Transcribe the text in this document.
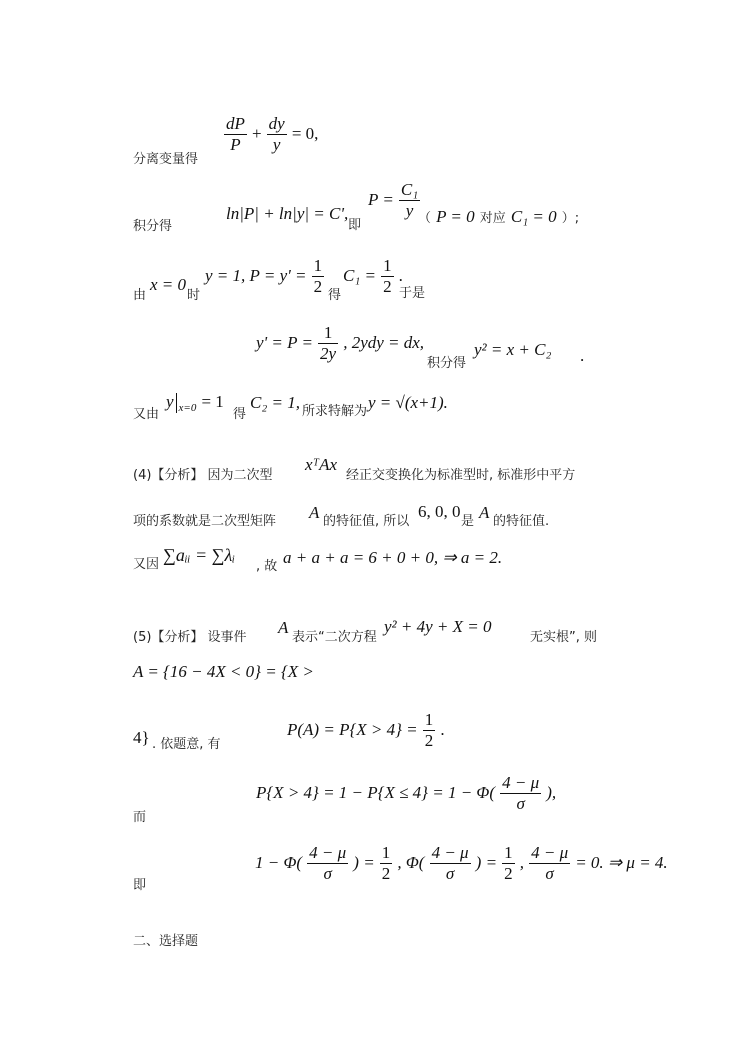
分离变量得
$\frac{dP}{P} + \frac{dy}{y} = 0$,
积分得
ln|P| + ln|y| = C',
即
$P = \frac{\text{C₁}}{y}$
（ P = 0 对应 C₁ = 0 ）;
由
x = 0
时
y = 1, $P = y' = \frac{1}{2}$ 得
$C_1 = \frac{1}{2}$ .
于是
$y' = P = \frac{1}{2y}$ , 2ydy = dx,
积分得
y² = x + C₂ .
又由
y $_{x=0}$ = 1
得
C₂ = 1, 所求特解为 y = √(x+1).
(4)【分析】 因为二次型
xᵀAx
经正交变换化为标准型时, 标准形中平方
项的系数就是二次型矩阵 A 的特征值, 所以
6, 0, 0
是 A 的特征值.
又因 ∑aᵢᵢ = ∑λᵢ
, 故 a + a + a = 6 + 0 + 0, ⇒ a = 2.
(5)【分析】 设事件
A
表示“二次方程
y² + 4y + X = 0
无实根”, 则
A = {16 − 4X < 0} = {X >
4} . 依题意, 有
$P(A) = P\{X > 4\} = \frac{1}{2}$ .
而
$P\{X > 4\} = 1 - P\{X \le 4\} = 1 - \Phi( \frac{4 - \mu}{\sigma}$ ),
即
$1 - \Phi( \frac{4 - \mu}{\sigma}$ ) = $\frac{1}{2}$ , $\Phi( \frac{4 - \mu}{\sigma}$ ) = $\frac{1}{2}$ , $\frac{4 - \mu}{\sigma} = 0$. ⇒ μ = 4.
二、选择题
